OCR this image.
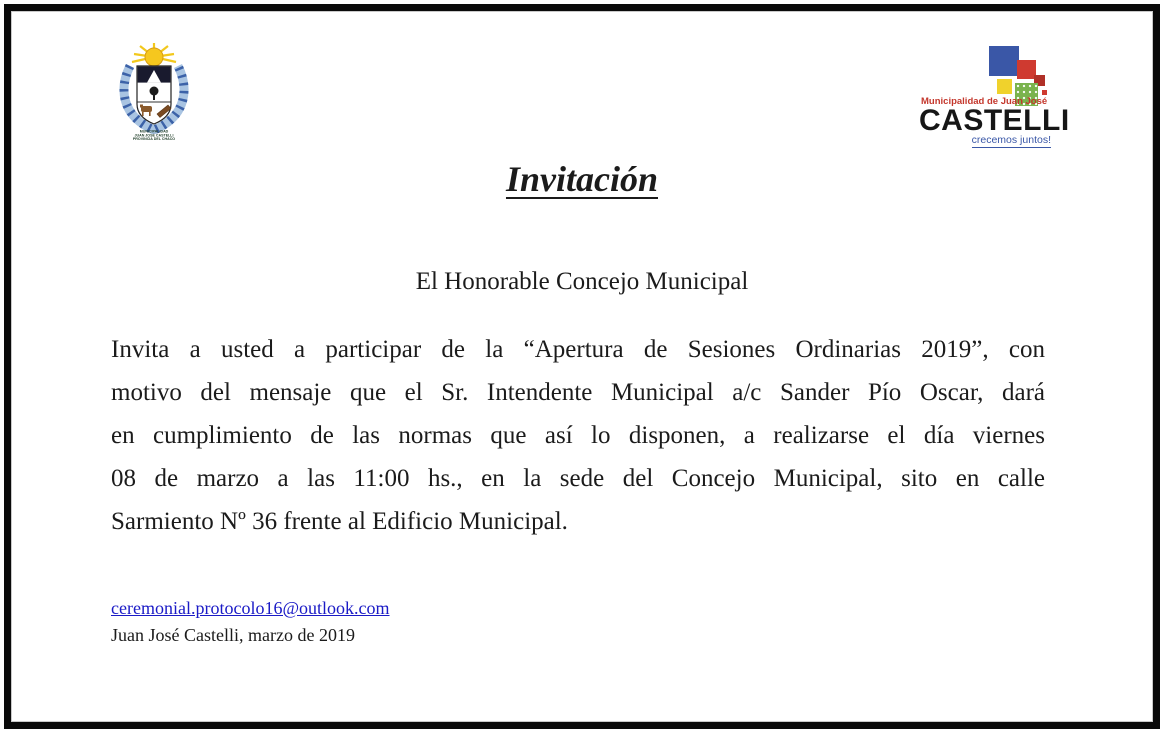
MUNICIPALIDAD
JUAN JOSÉ CASTELLI
PROVINCIA DEL CHACO
Municipalidad de Juan José
CASTELLI
crecemos juntos!
Invitación
El Honorable Concejo Municipal
Invita a usted a participar de la “Apertura de Sesiones Ordinarias 2019”, con
motivo del mensaje que el Sr. Intendente Municipal a/c Sander Pío Oscar, dará
en cumplimiento de las normas que así lo disponen, a realizarse el día viernes
08 de marzo a las 11:00 hs., en la sede del Concejo Municipal, sito en calle
Sarmiento Nº 36 frente al Edificio Municipal.
ceremonial.protocolo16@outlook.com
Juan José Castelli, marzo de 2019
